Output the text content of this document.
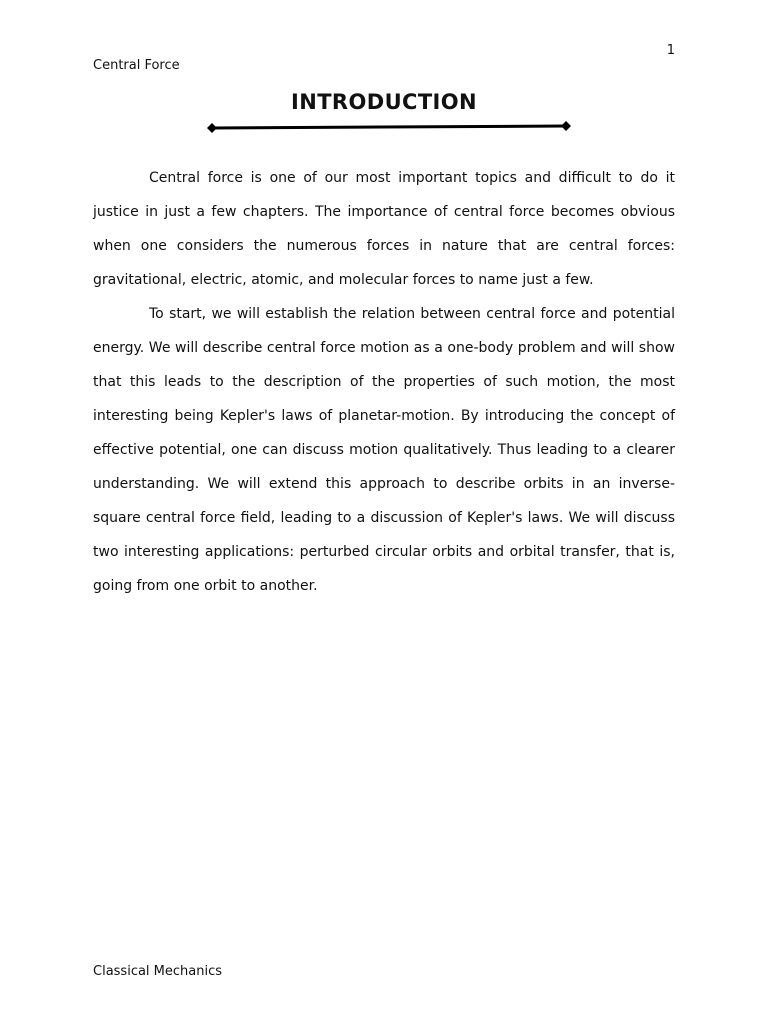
1
Central Force
INTRODUCTION

Central force is one of our most important topics and difficult to do it justice in just a few chapters. The importance of central force becomes obvious when one considers the numerous forces in nature that are central forces: gravitational, electric, atomic, and molecular forces to name just a few.

To start, we will establish the relation between central force and potential energy. We will describe central force motion as a one-body problem and will show that this leads to the description of the properties of such motion, the most interesting being Kepler's laws of planetar-motion. By introducing the concept of effective potential, one can discuss motion qualitatively. Thus leading to a clearer understanding. We will extend this approach to describe orbits in an inverse-square central force field, leading to a discussion of Kepler's laws. We will discuss two interesting applications: perturbed circular orbits and orbital transfer, that is, going from one orbit to another.

Classical Mechanics
